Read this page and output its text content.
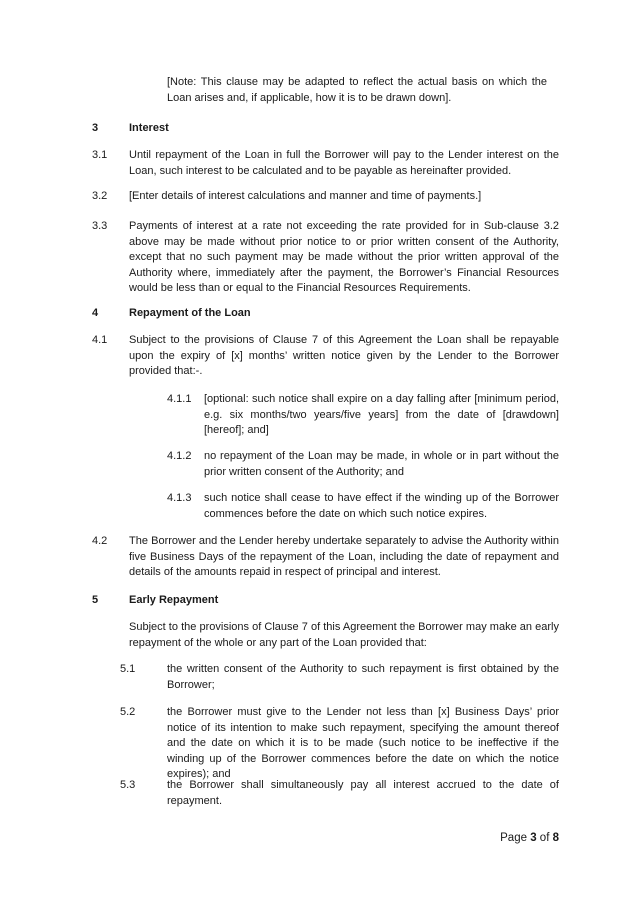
[Note: This clause may be adapted to reflect the actual basis on which the Loan arises and, if applicable, how it is to be drawn down].

3	Interest

3.1 Until repayment of the Loan in full the Borrower will pay to the Lender interest on the Loan, such interest to be calculated and to be payable as hereinafter provided.

3.2 [Enter details of interest calculations and manner and time of payments.]

3.3 Payments of interest at a rate not exceeding the rate provided for in Sub-clause 3.2 above may be made without prior notice to or prior written consent of the Authority, except that no such payment may be made without the prior written approval of the Authority where, immediately after the payment, the Borrower’s Financial Resources would be less than or equal to the Financial Resources Requirements.

4	Repayment of the Loan

4.1 Subject to the provisions of Clause 7 of this Agreement the Loan shall be repayable upon the expiry of [x] months’ written notice given by the Lender to the Borrower provided that:-.

4.1.1 [optional: such notice shall expire on a day falling after [minimum period, e.g. six months/two years/five years] from the date of [drawdown] [hereof]; and]

4.1.2 no repayment of the Loan may be made, in whole or in part without the prior written consent of the Authority; and

4.1.3 such notice shall cease to have effect if the winding up of the Borrower commences before the date on which such notice expires.

4.2 The Borrower and the Lender hereby undertake separately to advise the Authority within five Business Days of the repayment of the Loan, including the date of repayment and details of the amounts repaid in respect of principal and interest.

5	Early Repayment

Subject to the provisions of Clause 7 of this Agreement the Borrower may make an early repayment of the whole or any part of the Loan provided that:

5.1	the written consent of the Authority to such repayment is first obtained by the Borrower;

5.2	the Borrower must give to the Lender not less than [x] Business Days’ prior notice of its intention to make such repayment, specifying the amount thereof and the date on which it is to be made (such notice to be ineffective if the winding up of the Borrower commences before the date on which the notice expires); and

5.3	the Borrower shall simultaneously pay all interest accrued to the date of repayment.

Page 3 of 8
